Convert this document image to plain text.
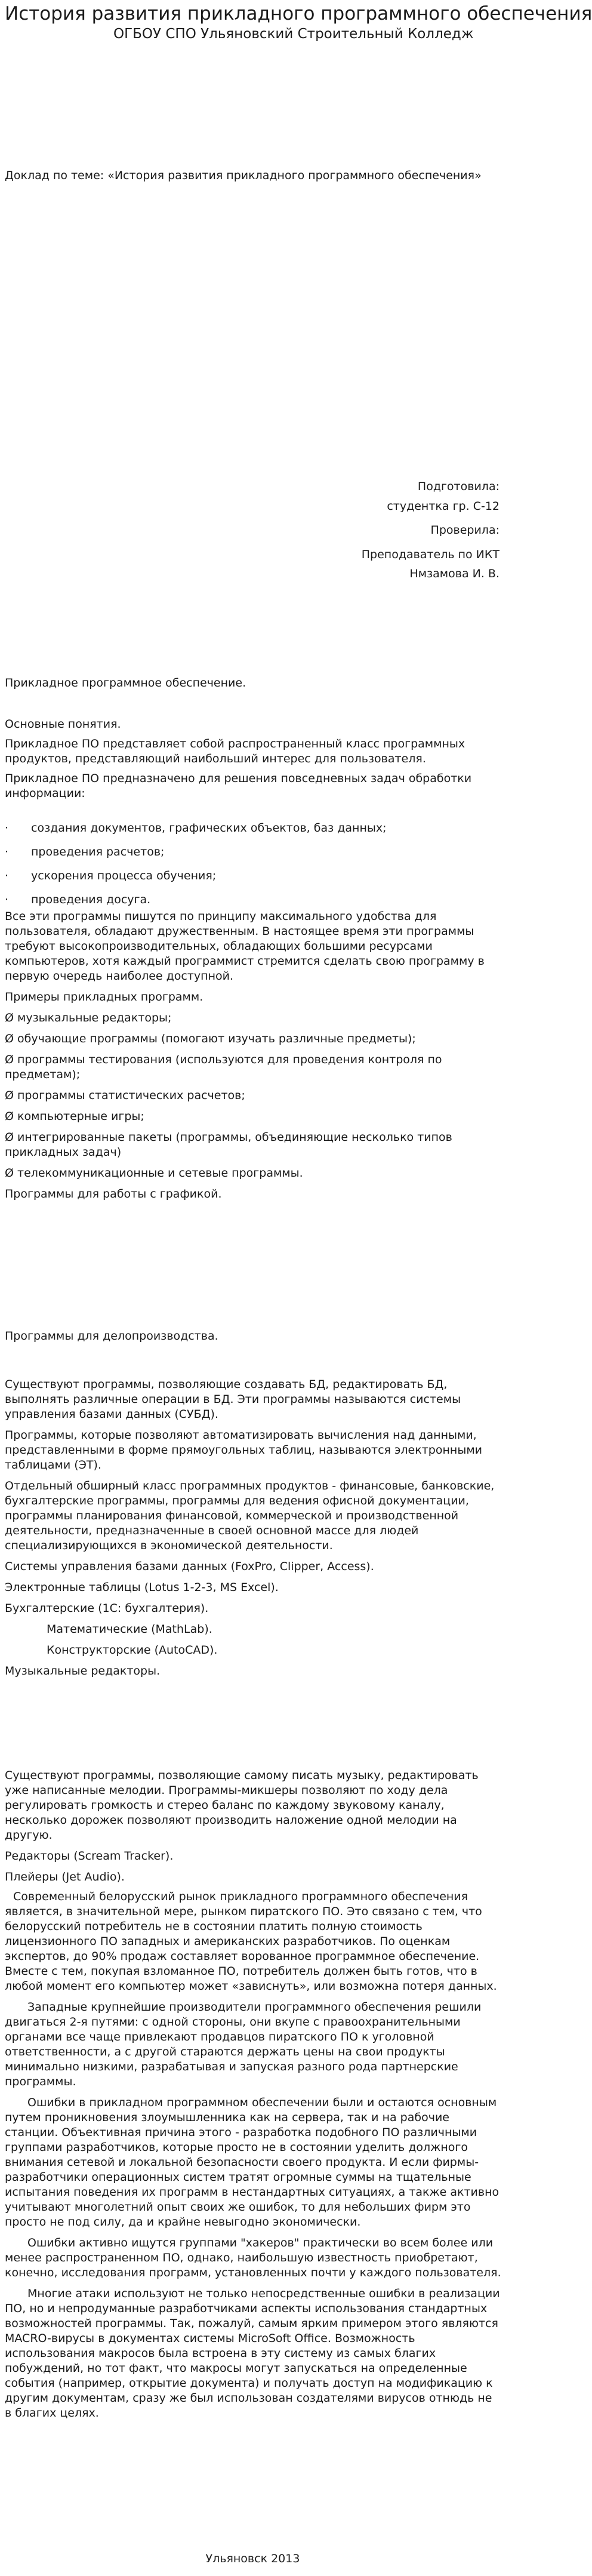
История развития прикладного программного обеспечения
ОГБОУ СПО Ульяновский Строительный Колледж
Доклад по теме: «История развития прикладного программного обеспечения»
Подготовила:
студентка гр. С-12
Проверила:
Преподаватель по ИКТ
Нмзамова И. В.

Прикладное программное обеспечение.

Основные понятия.

Прикладное ПО представляет собой распространенный класс программных продуктов, представляющий наибольший интерес для пользователя.

Прикладное ПО предназначено для решения повседневных задач обработки информации:

·	создания документов, графических объектов, баз данных;
·	проведения расчетов;
·	ускорения процесса обучения;
·	проведения досуга.

Все эти программы пишутся по принципу максимального удобства для пользователя, обладают дружественным. В настоящее время эти программы требуют высокопроизводительных, обладающих большими ресурсами компьютеров, хотя каждый программист стремится сделать свою программу в первую очередь наиболее доступной.

Примеры прикладных программ.

Ø музыкальные редакторы;

Ø обучающие программы (помогают изучать различные предметы);

Ø программы тестирования (используются для проведения контроля по предметам);

Ø программы статистических расчетов;

Ø компьютерные игры;

Ø интегрированные пакеты (программы, объединяющие несколько типов прикладных задач)

Ø телекоммуникационные и сетевые программы.

Программы для работы с графикой.

Программы для делопроизводства.

Существуют программы, позволяющие создавать БД, редактировать БД, выполнять различные операции в БД. Эти программы называются системы управления базами данных (СУБД).

Программы, которые позволяют автоматизировать вычисления над данными, представленными в форме прямоугольных таблиц, называются электронными таблицами (ЭТ).

Отдельный обширный класс программных продуктов - финансовые, банковские, бухгалтерские программы, программы для ведения офисной документации, программы планирования финансовой, коммерческой и производственной деятельности, предназначенные в своей основной массе для людей специализирующихся в экономической деятельности.

Системы управления базами данных (FoxPro, Clipper, Access).

Электронные таблицы (Lotus 1-2-3, MS Excel).

Бухгалтерские (1С: бухгалтерия).

Математические (MathLab).

Конструкторские (AutoCAD).

Музыкальные редакторы.

Существуют программы, позволяющие самому писать музыку, редактировать уже написанные мелодии. Программы-микшеры позволяют по ходу дела регулировать громкость и стерео баланс по каждому звуковому каналу, несколько дорожек позволяют производить наложение одной мелодии на другую.

Редакторы (Scream Tracker).

Плейеры (Jet Audio).

Современный белорусский рынок прикладного программного обеспечения является, в значительной мере, рынком пиратского ПО. Это связано с тем, что белорусский потребитель не в состоянии платить полную стоимость лицензионного ПО западных и американских разработчиков. По оценкам экспертов, до 90% продаж составляет ворованное программное обеспечение. Вместе с тем, покупая взломанное ПО, потребитель должен быть готов, что в любой момент его компьютер может «зависнуть», или возможна потеря данных.

Западные крупнейшие производители программного обеспечения решили двигаться 2-я путями: с одной стороны, они вкупе с правоохранительными органами все чаще привлекают продавцов пиратского ПО к уголовной ответственности, а с другой стараются держать цены на свои продукты минимально низкими, разрабатывая и запуская разного рода партнерские программы.

Ошибки в прикладном программном обеспечении были и остаются основным путем проникновения злоумышленника как на сервера, так и на рабочие станции. Объективная причина этого - разработка подобного ПО различными группами разработчиков, которые просто не в состоянии уделить должного внимания сетевой и локальной безопасности своего продукта. И если фирмы-разработчики операционных систем тратят огромные суммы на тщательные испытания поведения их программ в нестандартных ситуациях, а также активно учитывают многолетний опыт своих же ошибок, то для небольших фирм это просто не под силу, да и крайне невыгодно экономически.

Ошибки активно ищутся группами "хакеров" практически во всем более или менее распространенном ПО, однако, наибольшую известность приобретают, конечно, исследования программ, установленных почти у каждого пользователя.

Многие атаки используют не только непосредственные ошибки в реализации ПО, но и непродуманные разработчиками аспекты использования стандартных возможностей программы. Так, пожалуй, самым ярким примером этого являются MACRO-вирусы в документах системы MicroSoft Office. Возможность использования макросов была встроена в эту систему из самых благих побуждений, но тот факт, что макросы могут запускаться на определенные события (например, открытие документа) и получать доступ на модификацию к другим документам, сразу же был использован создателями вирусов отнюдь не в благих целях.

Ульяновск 2013
